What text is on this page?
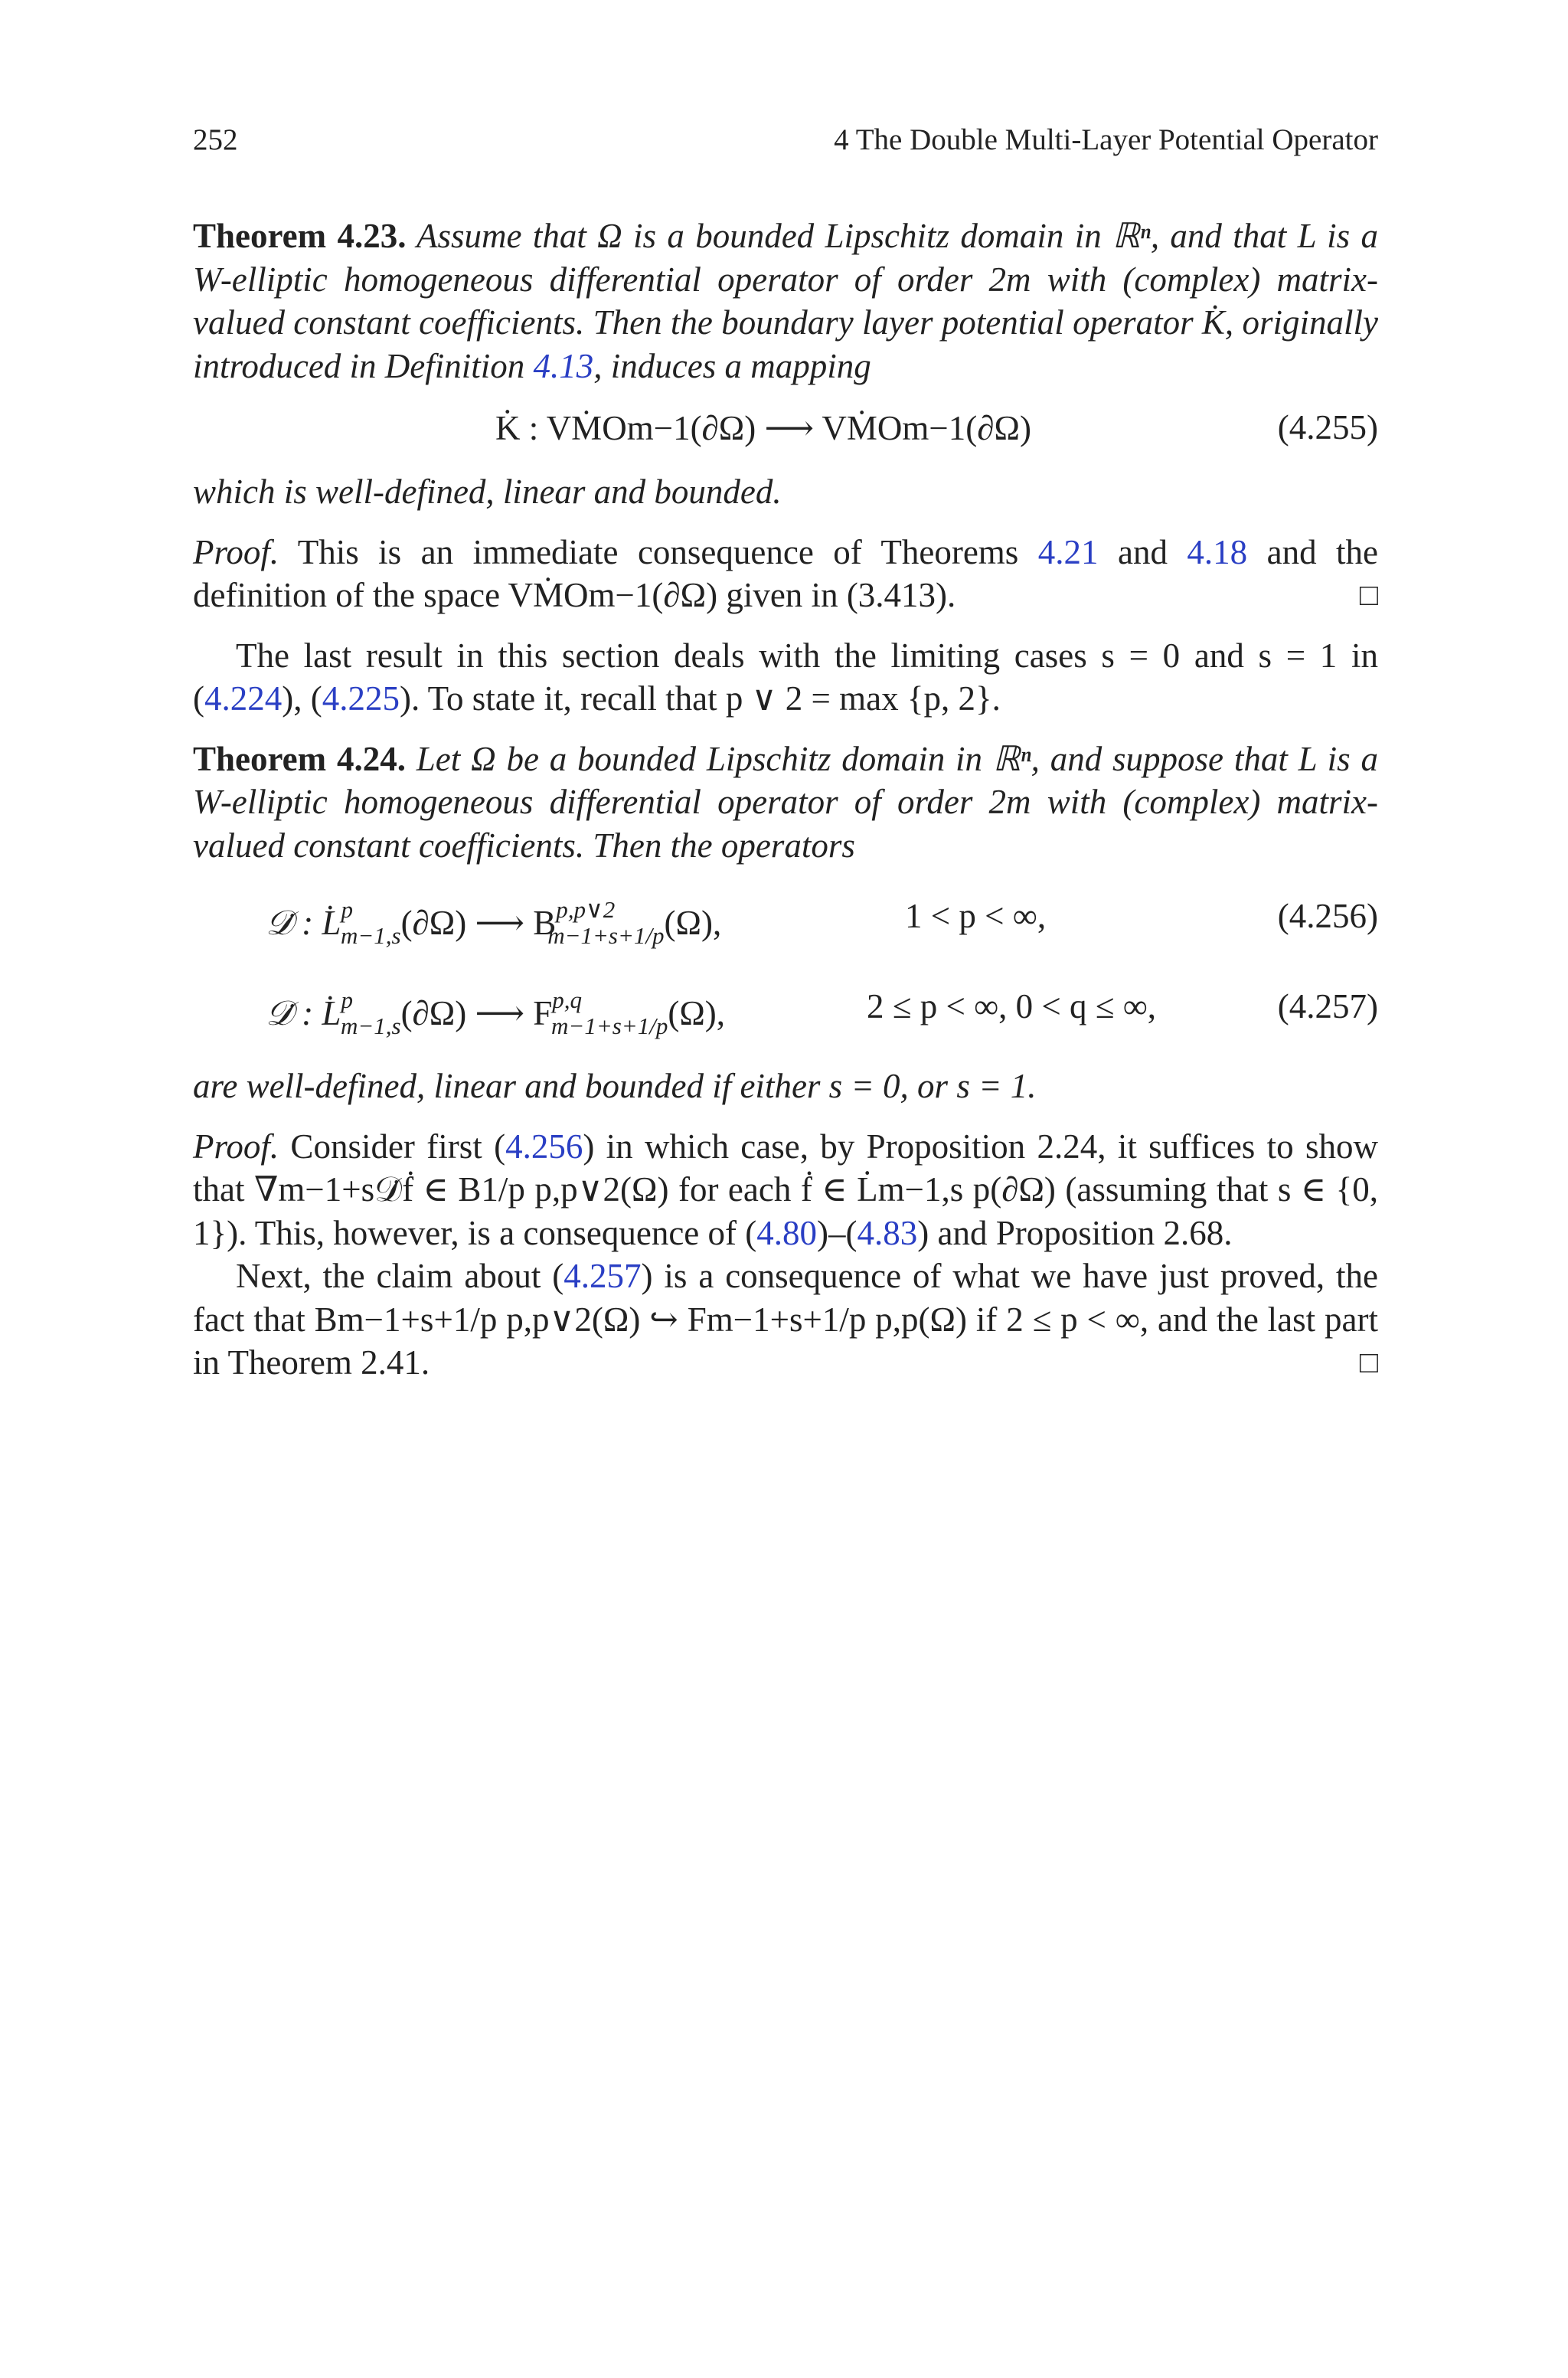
252	4 The Double Multi-Layer Potential Operator

Theorem 4.23. Assume that Ω is a bounded Lipschitz domain in ℝⁿ, and that L is a W-elliptic homogeneous differential operator of order 2m with (complex) matrix-valued constant coefficients. Then the boundary layer potential operator K̇, originally introduced in Definition 4.13, induces a mapping

K̇ : VṀOm−1(∂Ω) ⟶ VṀOm−1(∂Ω)	(4.255)

which is well-defined, linear and bounded.

Proof. This is an immediate consequence of Theorems 4.21 and 4.18 and the definition of the space VṀOm−1(∂Ω) given in (3.413).	□

The last result in this section deals with the limiting cases s = 0 and s = 1 in (4.224), (4.225). To state it, recall that p ∨ 2 = max {p, 2}.

Theorem 4.24. Let Ω be a bounded Lipschitz domain in ℝⁿ, and suppose that L is a W-elliptic homogeneous differential operator of order 2m with (complex) matrix-valued constant coefficients. Then the operators

𝒟̇ : L̇$^p_{m-1,s}$(∂Ω) ⟶ $B^{p,p\vee 2}_{m-1+s+1/p}(\Omega)$,	1 < p < ∞,	(4.256)
𝒟̇ : L̇$^p_{m-1,s}$(∂Ω) ⟶ F$^{p,q}_{m-1+s+1/p}$(Ω),	2 ≤ p < ∞, 0 < q ≤ ∞,	(4.257)

are well-defined, linear and bounded if either s = 0, or s = 1.

Proof. Consider first (4.256) in which case, by Proposition 2.24, it suffices to show that ∇m−1+s𝒟̇ḟ ∈ B1/p p,p∨2(Ω) for each ḟ ∈ L̇m−1,s p(∂Ω) (assuming that s ∈ {0, 1}). This, however, is a consequence of (4.80)–(4.83) and Proposition 2.68.

Next, the claim about (4.257) is a consequence of what we have just proved, the fact that Bm−1+s+1/p p,p∨2(Ω) ↪ Fm−1+s+1/p p,p(Ω) if 2 ≤ p < ∞, and the last part in Theorem 2.41.	□
